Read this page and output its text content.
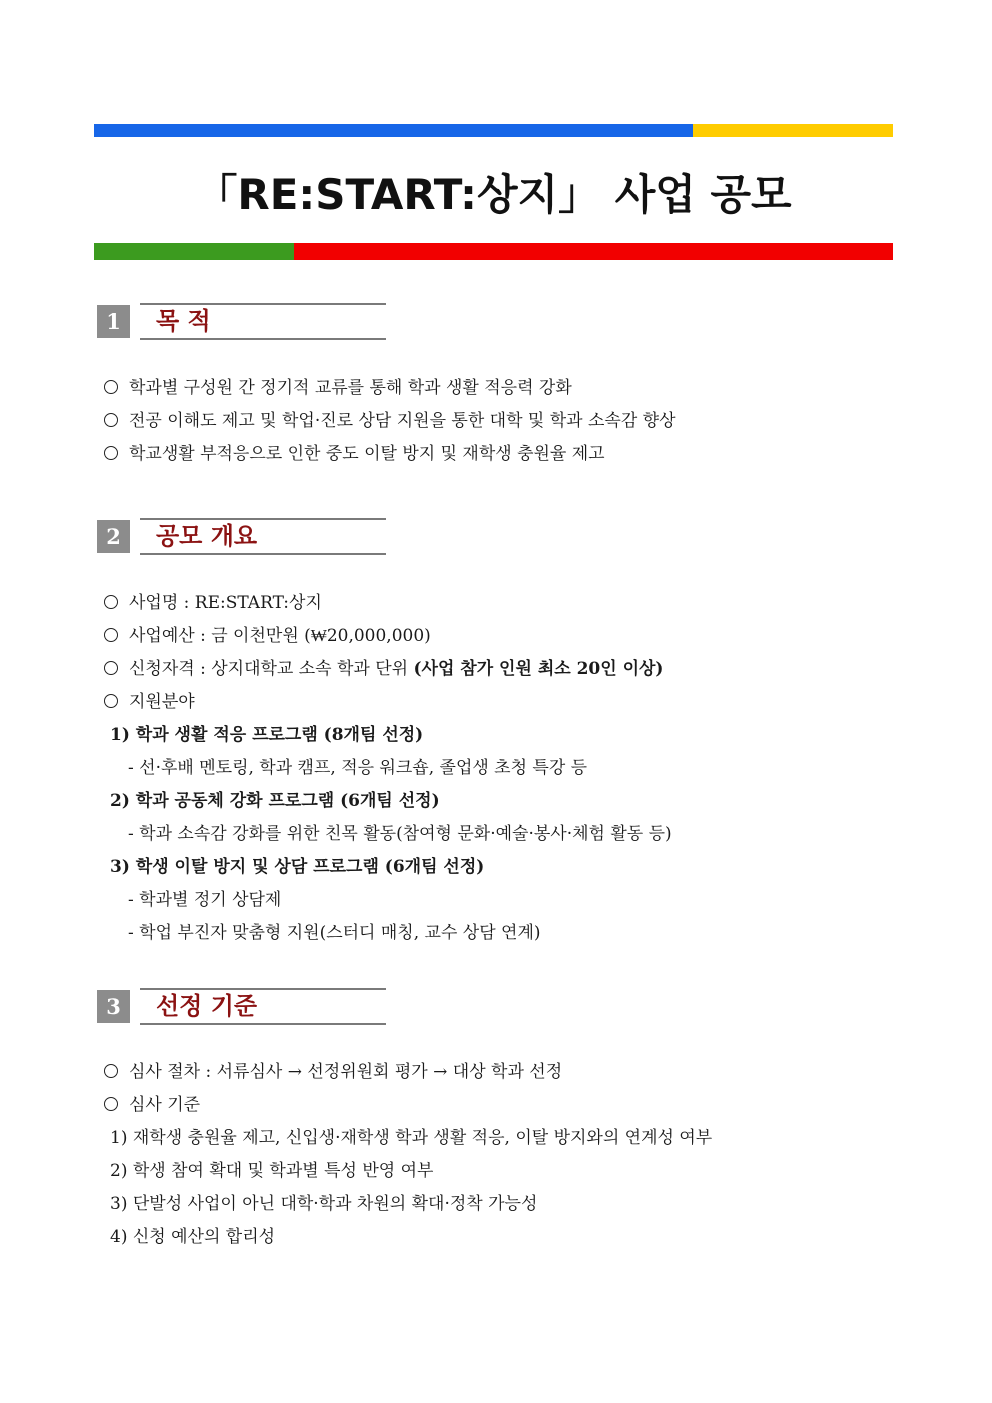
「RE:START:상지」 사업 공모
1	목 적
학과별 구성원 간 정기적 교류를 통해 학과 생활 적응력 강화
전공 이해도 제고 및 학업·진로 상담 지원을 통한 대학 및 학과 소속감 향상
학교생활 부적응으로 인한 중도 이탈 방지 및 재학생 충원율 제고
2	공모 개요
사업명 : RE:START:상지
사업예산 : 금 이천만원 (₩20,000,000)
신청자격 : 상지대학교 소속 학과 단위 (사업 참가 인원 최소 20인 이상)
지원분야
1) 학과 생활 적응 프로그램 (8개팀 선정)
- 선·후배 멘토링, 학과 캠프, 적응 워크숍, 졸업생 초청 특강 등
2) 학과 공동체 강화 프로그램 (6개팀 선정)
- 학과 소속감 강화를 위한 친목 활동(참여형 문화·예술·봉사·체험 활동 등)
3) 학생 이탈 방지 및 상담 프로그램 (6개팀 선정)
- 학과별 정기 상담제
- 학업 부진자 맞춤형 지원(스터디 매칭, 교수 상담 연계)
3	선정 기준
심사 절차 : 서류심사 → 선정위원회 평가 → 대상 학과 선정
심사 기준
1) 재학생 충원율 제고, 신입생·재학생 학과 생활 적응, 이탈 방지와의 연계성 여부
2) 학생 참여 확대 및 학과별 특성 반영 여부
3) 단발성 사업이 아닌 대학·학과 차원의 확대·정착 가능성
4) 신청 예산의 합리성
